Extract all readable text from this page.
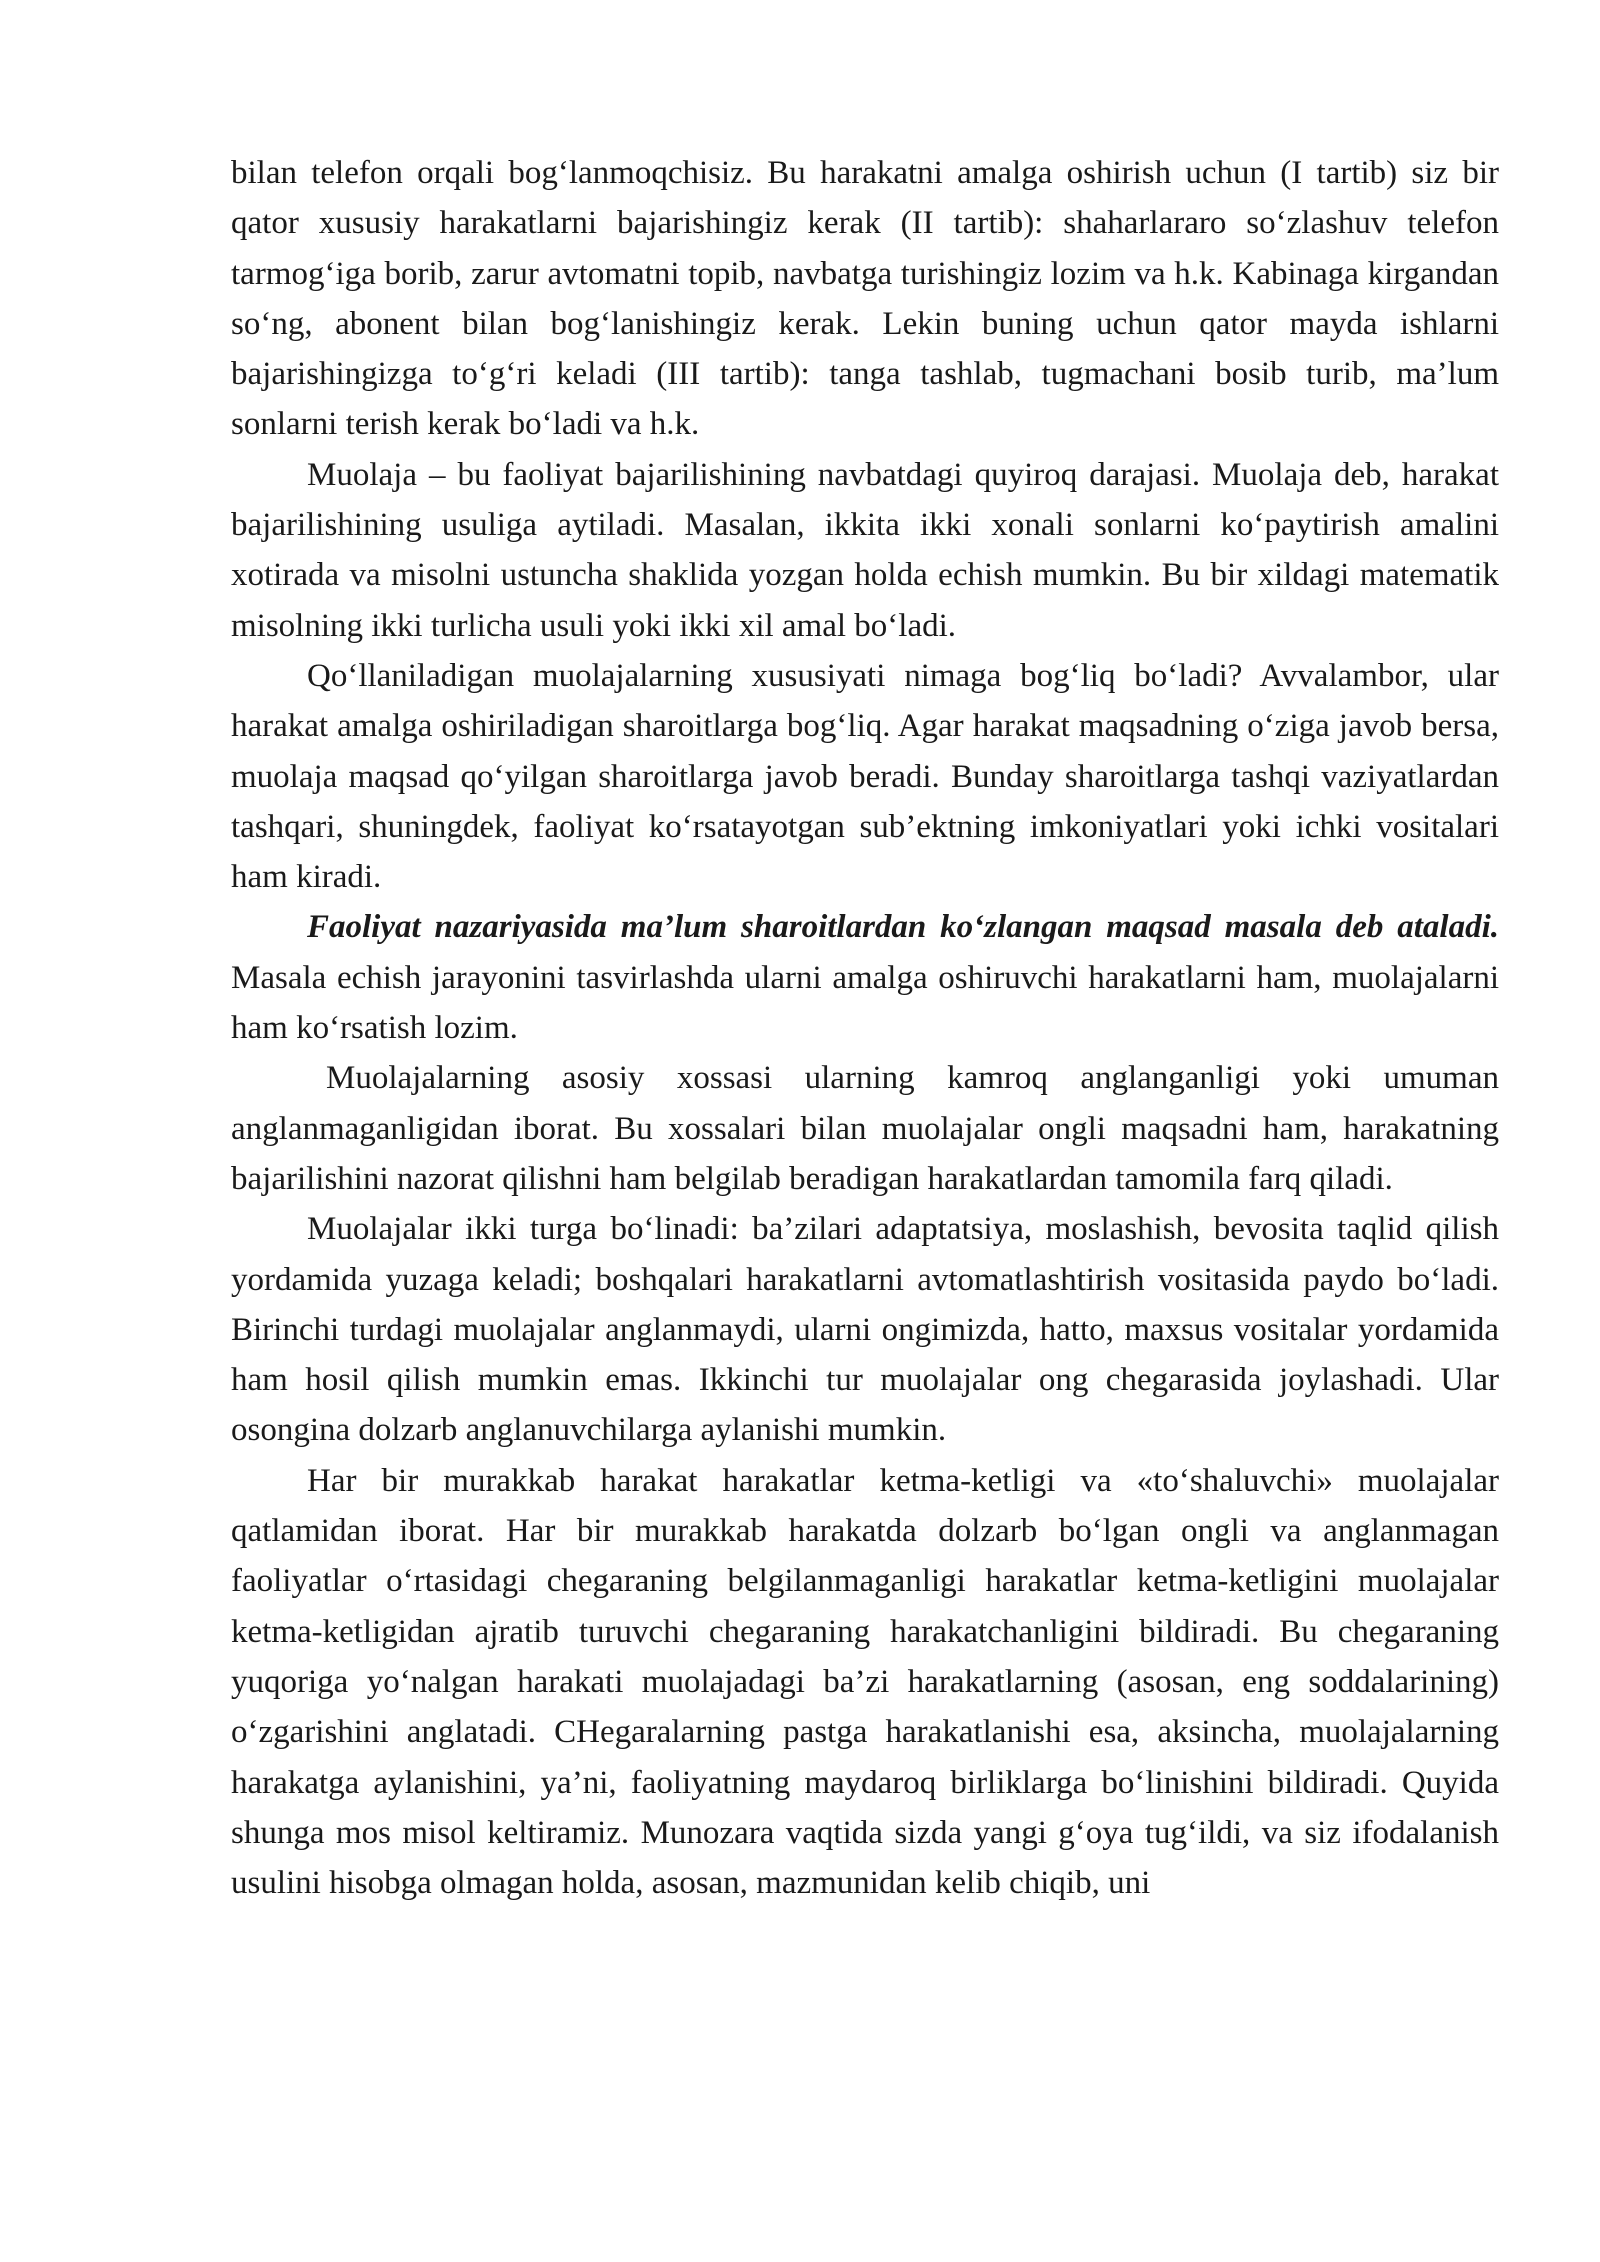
bilan telefon orqali bog‘lanmoqchisiz. Bu harakatni amalga oshirish uchun (I tartib) siz bir qator xususiy harakatlarni bajarishingiz kerak (II tartib): shaharlararo so‘zlashuv telefon tarmog‘iga borib, zarur avtomatni topib, navbatga turishingiz lozim va h.k. Kabinaga kirgandan so‘ng, abonent bilan bog‘lanishingiz kerak. Lekin buning uchun qator mayda ishlarni bajarishingizga to‘g‘ri keladi (III tartib): tanga tashlab, tugmachani bosib turib, ma’lum sonlarni terish kerak bo‘ladi va h.k.

Muolaja – bu faoliyat bajarilishining navbatdagi quyiroq darajasi. Muolaja deb, harakat bajarilishining usuliga aytiladi. Masalan, ikkita ikki xonali sonlarni ko‘paytirish amalini xotirada va misolni ustuncha shaklida yozgan holda echish mumkin. Bu bir xildagi matematik misolning ikki turlicha usuli yoki ikki xil amal bo‘ladi.

Qo‘llaniladigan muolajalarning xususiyati nimaga bog‘liq bo‘ladi? Avvalambor, ular harakat amalga oshiriladigan sharoitlarga bog‘liq. Agar harakat maqsadning o‘ziga javob bersa, muolaja maqsad qo‘yilgan sharoitlarga javob beradi. Bunday sharoitlarga tashqi vaziyatlardan tashqari, shuningdek, faoliyat ko‘rsatayotgan sub’ektning imkoniyatlari yoki ichki vositalari ham kiradi.

Faoliyat nazariyasida ma’lum sharoitlardan ko‘zlangan maqsad masala deb ataladi. Masala echish jarayonini tasvirlashda ularni amalga oshiruvchi harakatlarni ham, muolajalarni ham ko‘rsatish lozim.

Muolajalarning asosiy xossasi ularning kamroq anglanganligi yoki umuman anglanmaganligidan iborat. Bu xossalari bilan muolajalar ongli maqsadni ham, harakatning bajarilishini nazorat qilishni ham belgilab beradigan harakatlardan tamomila farq qiladi.

Muolajalar ikki turga bo‘linadi: ba’zilari adaptatsiya, moslashish, bevosita taqlid qilish yordamida yuzaga keladi; boshqalari harakatlarni avtomatlashtirish vositasida paydo bo‘ladi. Birinchi turdagi muolajalar anglanmaydi, ularni ongimizda, hatto, maxsus vositalar yordamida ham hosil qilish mumkin emas. Ikkinchi tur muolajalar ong chegarasida joylashadi. Ular osongina dolzarb anglanuvchilarga aylanishi mumkin.

Har bir murakkab harakat harakatlar ketma-ketligi va «to‘shaluvchi» muolajalar qatlamidan iborat. Har bir murakkab harakatda dolzarb bo‘lgan ongli va anglanmagan faoliyatlar o‘rtasidagi chegaraning belgilanmaganligi harakatlar ketma-ketligini muolajalar ketma-ketligidan ajratib turuvchi chegaraning harakatchanligini bildiradi. Bu chegaraning yuqoriga yo‘nalgan harakati muolajadagi ba’zi harakatlarning (asosan, eng soddalarining) o‘zgarishini anglatadi. CHegaralarning pastga harakatlanishi esa, aksincha, muolajalarning harakatga aylanishini, ya’ni, faoliyatning maydaroq birliklarga bo‘linishini bildiradi. Quyida shunga mos misol keltiramiz. Munozara vaqtida sizda yangi g‘oya tug‘ildi, va siz ifodalanish usulini hisobga olmagan holda, asosan, mazmunidan kelib chiqib, uni
